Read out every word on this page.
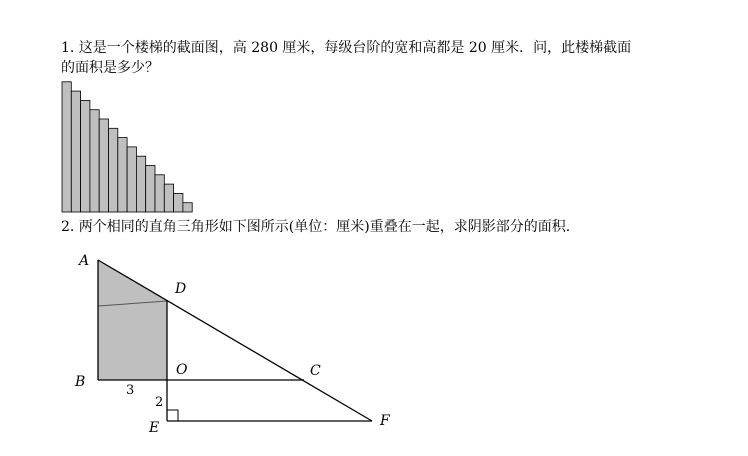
1. 这是一个楼梯的截面图，高 280 厘米，每级台阶的宽和高都是 20 厘米．问，此楼梯截面
的面积是多少？
2. 两个相同的直角三角形如下图所示(单位：厘米)重叠在一起，求阴影部分的面积.
A
D
O	C
B
E	F
3
2
